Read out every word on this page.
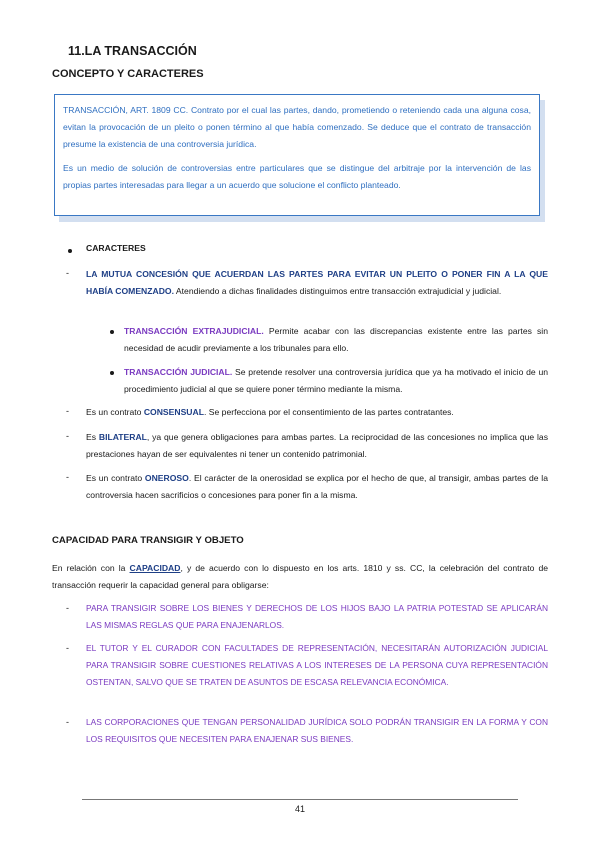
11.LA TRANSACCIÓN
CONCEPTO Y CARACTERES

TRANSACCIÓN, ART. 1809 CC. Contrato por el cual las partes, dando, prometiendo o reteniendo cada una alguna cosa, evitan la provocación de un pleito o ponen término al que había comenzado. Se deduce que el contrato de transacción presume la existencia de una controversia jurídica.

Es un medio de solución de controversias entre particulares que se distingue del arbitraje por la intervención de las propias partes interesadas para llegar a un acuerdo que solucione el conflicto planteado.

CARACTERES
- LA MUTUA CONCESIÓN QUE ACUERDAN LAS PARTES PARA EVITAR UN PLEITO O PONER FIN A LA QUE HABÍA COMENZADO. Atendiendo a dichas finalidades distinguimos entre transacción extrajudicial y judicial.
TRANSACCIÓN EXTRAJUDICIAL. Permite acabar con las discrepancias existente entre las partes sin necesidad de acudir previamente a los tribunales para ello.
TRANSACCIÓN JUDICIAL. Se pretende resolver una controversia jurídica que ya ha motivado el inicio de un procedimiento judicial al que se quiere poner término mediante la misma.
- Es un contrato CONSENSUAL. Se perfecciona por el consentimiento de las partes contratantes.
- Es BILATERAL, ya que genera obligaciones para ambas partes. La reciprocidad de las concesiones no implica que las prestaciones hayan de ser equivalentes ni tener un contenido patrimonial.
- Es un contrato ONEROSO. El carácter de la onerosidad se explica por el hecho de que, al transigir, ambas partes de la controversia hacen sacrificios o concesiones para poner fin a la misma.
CAPACIDAD PARA TRANSIGIR Y OBJETO
En relación con la CAPACIDAD, y de acuerdo con lo dispuesto en los arts. 1810 y ss. CC, la celebración del contrato de transacción requerir la capacidad general para obligarse:
- PARA TRANSIGIR SOBRE LOS BIENES Y DERECHOS DE LOS HIJOS BAJO LA PATRIA POTESTAD SE APLICARÁN LAS MISMAS REGLAS QUE PARA ENAJENARLOS.
- EL TUTOR Y EL CURADOR CON FACULTADES DE REPRESENTACIÓN, NECESITARÁN AUTORIZACIÓN JUDICIAL PARA TRANSIGIR SOBRE CUESTIONES RELATIVAS A LOS INTERESES DE LA PERSONA CUYA REPRESENTACIÓN OSTENTAN, SALVO QUE SE TRATEN DE ASUNTOS DE ESCASA RELEVANCIA ECONÓMICA.
- LAS CORPORACIONES QUE TENGAN PERSONALIDAD JURÍDICA SOLO PODRÁN TRANSIGIR EN LA FORMA Y CON LOS REQUISITOS QUE NECESITEN PARA ENAJENAR SUS BIENES.
41
